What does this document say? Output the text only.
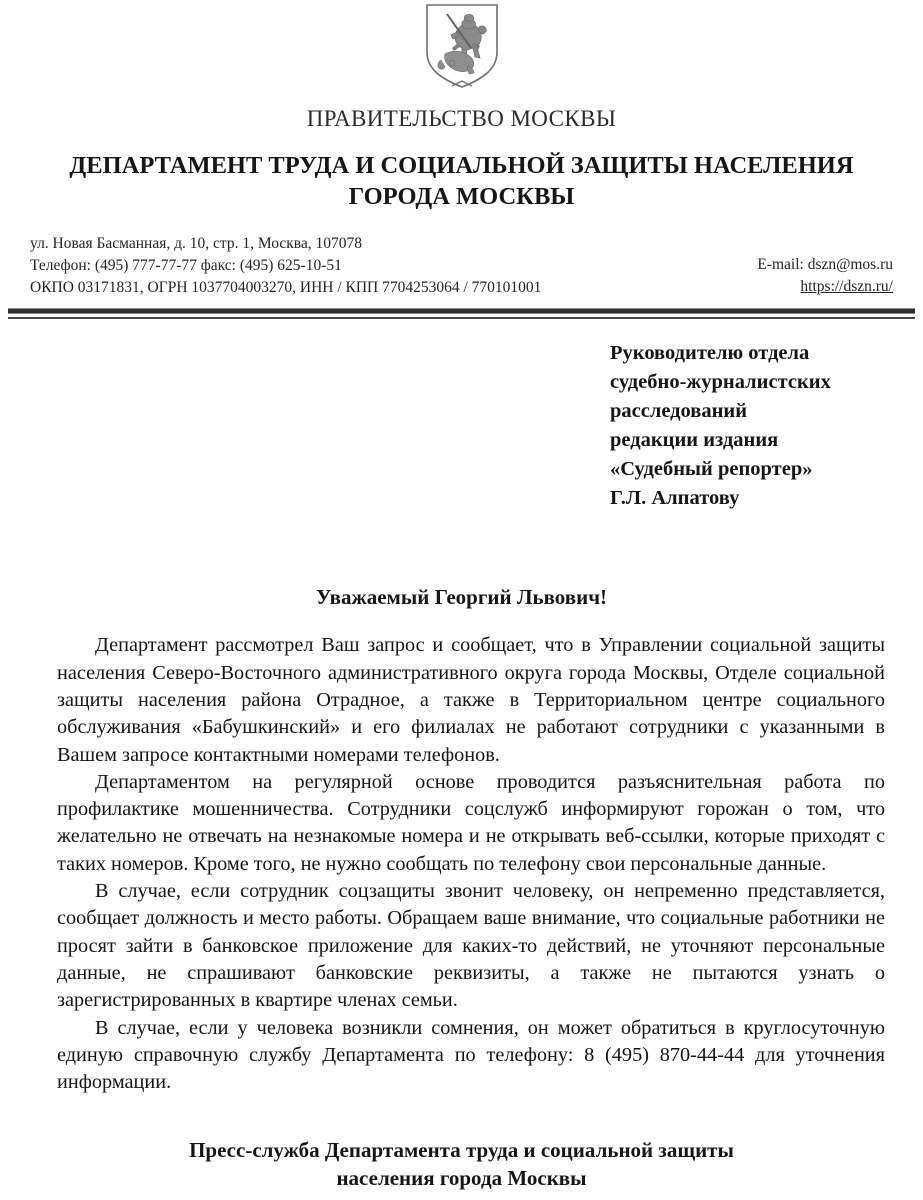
ПРАВИТЕЛЬСТВО МОСКВЫ
ДЕПАРТАМЕНТ ТРУДА И СОЦИАЛЬНОЙ ЗАЩИТЫ НАСЕЛЕНИЯ
ГОРОДА МОСКВЫ
ул. Новая Басманная, д. 10, стр. 1, Москва, 107078
Телефон: (495) 777-77-77 факс: (495) 625-10-51
ОКПО 03171831, ОГРН 1037704003270, ИНН / КПП 7704253064 / 770101001
E-mail: dszn@mos.ru
https://dszn.ru/
Руководителю отдела
судебно-журналистских
расследований
редакции издания
«Судебный репортер»
Г.Л. Алпатову
Уважаемый Георгий Львович!

Департамент рассмотрел Ваш запрос и сообщает, что в Управлении социальной защиты населения Северо-Восточного административного округа города Москвы, Отделе социальной защиты населения района Отрадное, а также в Территориальном центре социального обслуживания «Бабушкинский» и его филиалах не работают сотрудники с указанными в Вашем запросе контактными номерами телефонов.

Департаментом на регулярной основе проводится разъяснительная работа по профилактике мошенничества. Сотрудники соцслужб информируют горожан о том, что желательно не отвечать на незнакомые номера и не открывать веб-ссылки, которые приходят с таких номеров. Кроме того, не нужно сообщать по телефону свои персональные данные.

В случае, если сотрудник соцзащиты звонит человеку, он непременно представляется, сообщает должность и место работы. Обращаем ваше внимание, что социальные работники не просят зайти в банковское приложение для каких-то действий, не уточняют персональные данные, не спрашивают банковские реквизиты, а также не пытаются узнать о зарегистрированных в квартире членах семьи.

В случае, если у человека возникли сомнения, он может обратиться в круглосуточную единую справочную службу Департамента по телефону: 8 (495) 870-44-44 для уточнения информации.

Пресс-служба Департамента труда и социальной защиты
населения города Москвы
